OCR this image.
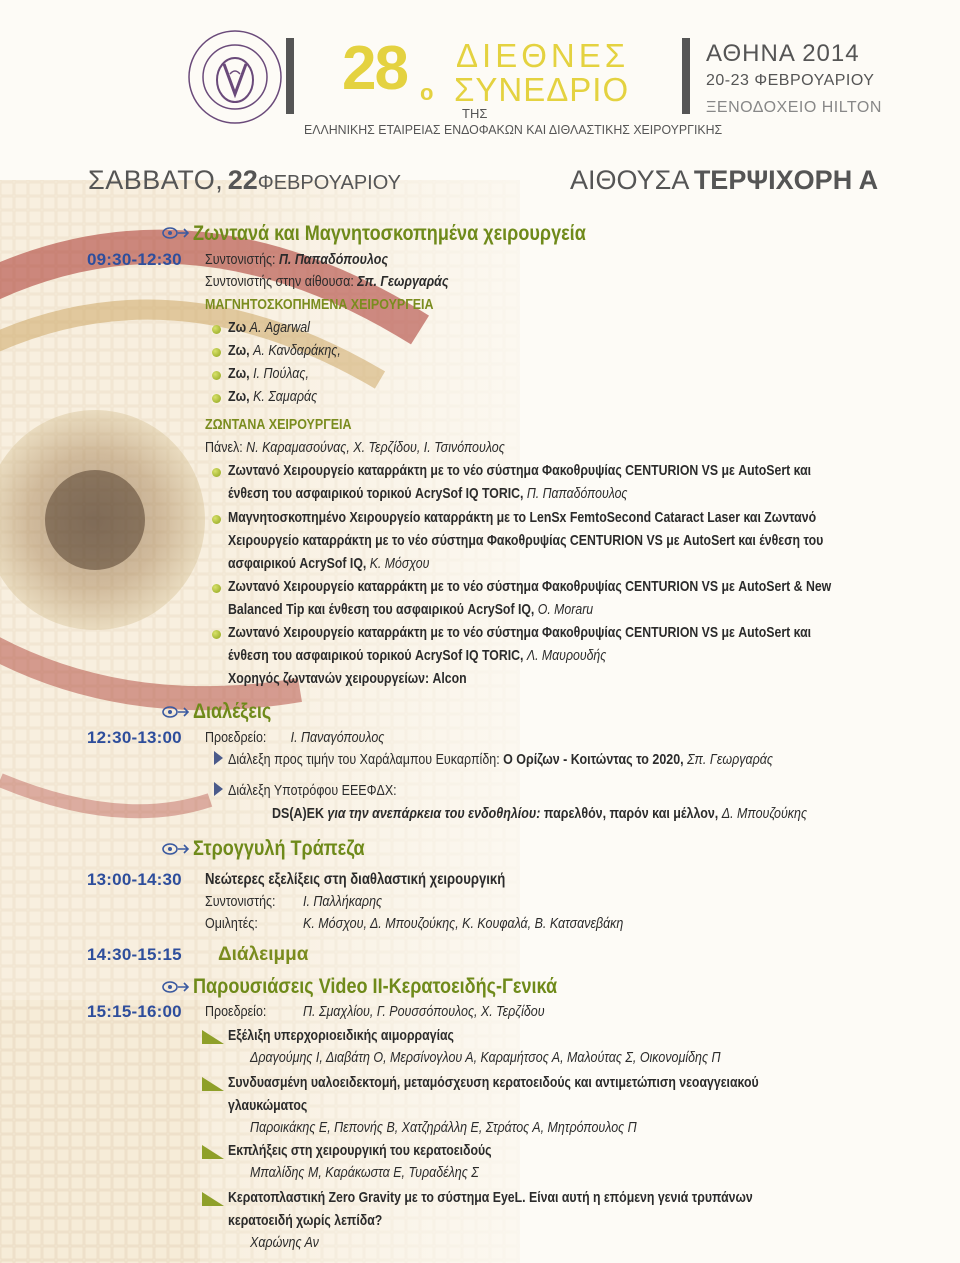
28 ο
ΔΙΕΘΝΕΣ
ΣΥΝΕΔΡΙΟ
ΤΗΣ
ΕΛΛΗΝΙΚΗΣ ΕΤΑΙΡΕΙΑΣ ΕΝΔΟΦΑΚΩΝ ΚΑΙ ΔΙΘΛΑΣΤΙΚΗΣ ΧΕΙΡΟΥΡΓΙΚΗΣ
ΑΘΗΝΑ 2014
20-23 ΦΕΒΡΟΥΑΡΙΟΥ
ΞΕΝΟΔΟΧΕΙΟ HILTON
ΣΑΒΒΑΤΟ, 22ΦΕΒΡΟΥΑΡΙΟΥ	ΑΙΘΟΥΣΑ ΤΕΡΨΙΧΟΡΗ Α
Ζωντανά και Μαγνητοσκοπημένα χειρουργεία
09:30-12:30 Συντονιστής: Π. Παπαδόπουλος
Συντονιστής στην αίθουσα: Σπ. Γεωργαράς
ΜΑΓΝΗΤΟΣΚΟΠΗΜΕΝΑ ΧΕΙΡΟΥΡΓΕΙΑ
Ζω Α. Agarwal
Ζω, Α. Κανδαράκης,
Ζω, Ι. Πούλας,
Ζω, Κ. Σαμαράς
ΖΩΝΤΑΝΑ ΧΕΙΡΟΥΡΓΕΙΑ
Πάνελ: Ν. Καραμασούνας, Χ. Τερζίδου, Ι. Τσινόπουλος
Ζωντανό Χειρουργείο καταρράκτη με το νέο σύστημα Φακοθρυψίας CENTURION VS με AutoSert και
ένθεση του ασφαιρικού τορικού AcrySof IQ TORIC, Π. Παπαδόπουλος
Μαγνητοσκοπημένο Χειρουργείο καταρράκτη με το LenSx FemtoSecond Cataract Laser και Ζωντανό
Χειρουργείο καταρράκτη με το νέο σύστημα Φακοθρυψίας CENTURION VS με AutoSert και ένθεση του
ασφαιρικού AcrySof IQ, Κ. Μόσχου
Ζωντανό Χειρουργείο καταρράκτη με το νέο σύστημα Φακοθρυψίας CENTURION VS με AutoSert & New
Balanced Tip και ένθεση του ασφαιρικού AcrySof IQ, O. Moraru
Ζωντανό Χειρουργείο καταρράκτη με το νέο σύστημα Φακοθρυψίας CENTURION VS με AutoSert και
ένθεση του ασφαιρικού τορικού AcrySof IQ TORIC, Λ. Μαυρουδής
Χορηγός ζωντανών χειρουργείων: Alcon
Διαλέξεις
12:30-13:00 Προεδρείο: Ι. Παναγόπουλος
Διάλεξη προς τιμήν του Χαράλαμπου Ευκαρπίδη: Ο Ορίζων - Κοιτώντας το 2020, Σπ. Γεωργαράς
Διάλεξη Υποτρόφου ΕΕΕΦΔΧ:
DS(A)EK για την ανεπάρκεια του ενδοθηλίου: παρελθόν, παρόν και μέλλον, Δ. Μπουζούκης
Στρογγυλή Τράπεζα
13:00-14:30 Νεώτερες εξελίξεις στη διαθλαστική χειρουργική
Συντονιστής: Ι. Παλλήκαρης
Ομιλητές:	Κ. Μόσχου, Δ. Μπουζούκης, Κ. Κουφαλά, Β. Κατσανεβάκη
14:30-15:15 Διάλειμμα
Παρουσιάσεις Video ΙΙ-Κερατοειδής-Γενικά
15:15-16:00 Προεδρείο:	Π. Σμαχλίου, Γ. Ρουσσόπουλος, Χ. Τερζίδου
Εξέλιξη υπερχοριοειδικής αιμορραγίας
Δραγούμης Ι, Διαβάτη Ο, Μερσίνογλου Α, Καραμήτσος Α, Μαλούτας Σ, Οικονομίδης Π
Συνδυασμένη υαλοειδεκτομή, μεταμόσχευση κερατοειδούς και αντιμετώπιση νεοαγγειακού
γλαυκώματος
Παροικάκης Ε, Πεπονής Β, Χατζηράλλη Ε, Στράτος Α, Μητρόπουλος Π
Εκπλήξεις στη χειρουργική του κερατοειδούς
Μπαλίδης Μ, Καράκωστα Ε, Τυραδέλης Σ
Κερατοπλαστική Zero Gravity με το σύστημα EyeL. Είναι αυτή η επόμενη γενιά τρυπάνων
κερατοειδή χωρίς λεπίδα?
Χαρώνης Αν
